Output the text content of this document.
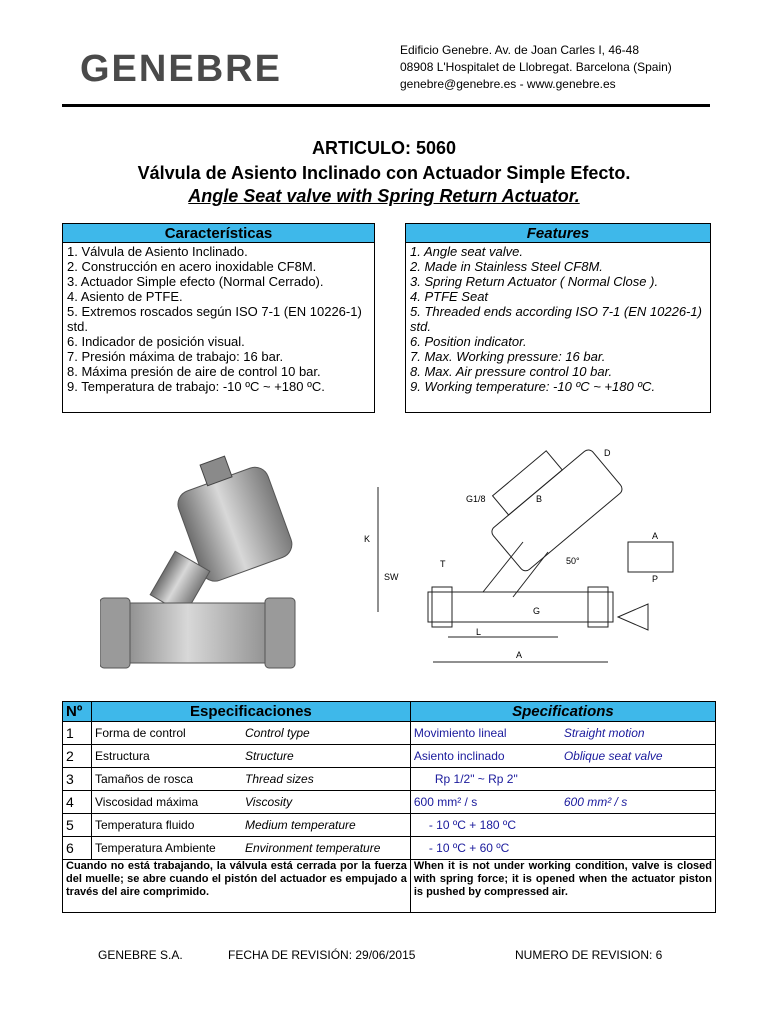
GENEBRE	Edificio Genebre. Av. de Joan Carles I, 46-48
08908 L'Hospitalet de Llobregat. Barcelona (Spain)
genebre@genebre.es - www.genebre.es
ARTICULO: 5060
Válvula de Asiento Inclinado con Actuador Simple Efecto.
Angle Seat valve with Spring Return Actuator.
Características
1. Válvula de Asiento Inclinado.
2. Construcción en acero inoxidable CF8M.
3. Actuador Simple efecto (Normal Cerrado).
4. Asiento de PTFE.
5. Extremos roscados según ISO 7-1 (EN 10226-1) std.
6. Indicador de posición visual.
7. Presión máxima de trabajo: 16 bar.
8. Máxima presión de aire de control 10 bar.
9. Temperatura de trabajo: -10 ºC ~ +180 ºC.
Features
1. Angle seat valve.
2. Made in Stainless Steel CF8M.
3. Spring Return Actuator ( Normal Close ).
4. PTFE Seat
5. Threaded ends according ISO 7-1 (EN 10226-1) std.
6. Position indicator.
7. Max. Working pressure: 16 bar.
8. Max. Air pressure control 10 bar.
9. Working temperature: -10 ºC ~ +180 ºC.
D
G1/8	B
K
T
SW
50°
G
L
A
A
P
Nº	Especificaciones	Specifications
1	Forma de control Control type	Movimiento lineal Straight motion
2	Estructura Structure	Asiento inclinado Oblique seat valve
3	Tamaños de rosca Thread sizes	Rp 1/2" ~ Rp 2"
4	Viscosidad máxima Viscosity	600 mm² / s 600 mm² / s
5	Temperatura fluido Medium temperature	- 10 ºC + 180 ºC
6	Temperatura Ambiente Environment temperature	- 10 ºC + 60 ºC
Cuando no está trabajando, la válvula está cerrada por la fuerza del muelle; se abre cuando el pistón del actuador es empujado a través del aire comprimido.		When it is not under working condition, valve is closed with spring force; it is opened when the actuator piston is pushed by compressed air.
GENEBRE S.A.	FECHA DE REVISIÓN: 29/06/2015	NUMERO DE REVISION: 6
